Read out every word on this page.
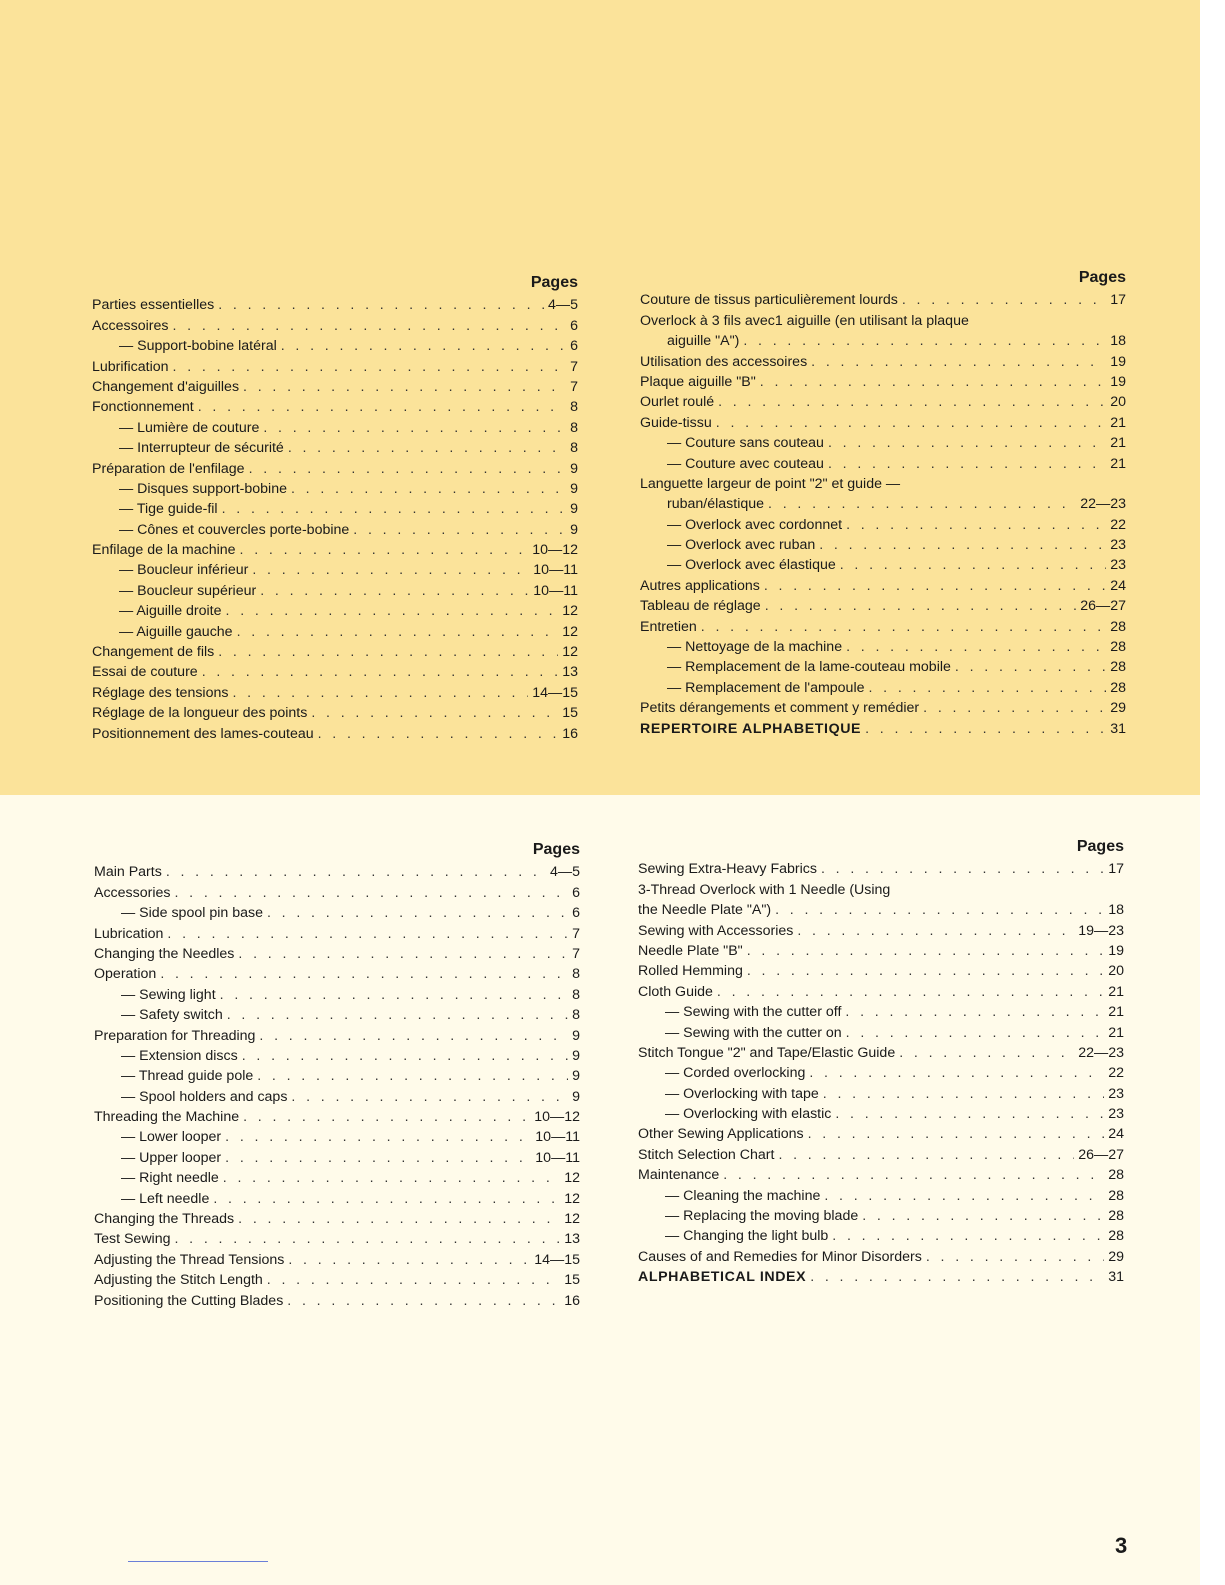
Pages
Parties essentielles . . .	4—5
Accessoires . . .	6
— Support-bobine latéral . . .	6
Lubrification . . .	7
Changement d'aiguilles . . .	7
Fonctionnement . . .	8
— Lumière de couture . . .	8
— Interrupteur de sécurité . . .	8
Préparation de l'enfilage . . .	9
— Disques support-bobine . . .	9
— Tige guide-fil . . .	9
— Cônes et couvercles porte-bobine . . .	9
Enfilage de la machine . . .	10—12
— Boucleur inférieur . . .	10—11
— Boucleur supérieur . . .	10—11
— Aiguille droite . . .	12
— Aiguille gauche . . .	12
Changement de fils . . .	12
Essai de couture . . .	13
Réglage des tensions . . .	14—15
Réglage de la longueur des points . . .	15
Positionnement des lames-couteau . . .	16
Pages
Couture de tissus particulièrement lourds . . .	17
Overlock à 3 fils avec1 aiguille (en utilisant la plaque
aiguille "A") . . .	18
Utilisation des accessoires . . .	19
Plaque aiguille "B" . . .	19
Ourlet roulé . . .	20
Guide-tissu . . .	21
— Couture sans couteau . . .	21
— Couture avec couteau . . .	21
Languette largeur de point "2" et guide —
ruban/élastique . . .	22—23
— Overlock avec cordonnet . . .	22
— Overlock avec ruban . . .	23
— Overlock avec élastique . . .	23
Autres applications . . .	24
Tableau de réglage . . .	26—27
Entretien . . .	28
— Nettoyage de la machine . . .	28
— Remplacement de la lame-couteau mobile . . .	28
— Remplacement de l'ampoule . . .	28
Petits dérangements et comment y remédier . . .	29
REPERTOIRE ALPHABETIQUE . . .	31
Pages
Main Parts . . .	4—5
Accessories . . .	6
— Side spool pin base . . .	6
Lubrication . . .	7
Changing the Needles . . .	7
Operation . . .	8
— Sewing light . . .	8
— Safety switch . . .	8
Preparation for Threading . . .	9
— Extension discs . . .	9
— Thread guide pole . . .	9
— Spool holders and caps . . .	9
Threading the Machine . . .	10—12
— Lower looper . . .	10—11
— Upper looper . . .	10—11
— Right needle . . .	12
— Left needle . . .	12
Changing the Threads . . .	12
Test Sewing . . .	13
Adjusting the Thread Tensions . . .	14—15
Adjusting the Stitch Length . . .	15
Positioning the Cutting Blades . . .	16
Pages
Sewing Extra-Heavy Fabrics . . .	17
3-Thread Overlock with 1 Needle (Using
the Needle Plate "A") . . .	18
Sewing with Accessories . . .	19—23
Needle Plate "B" . . .	19
Rolled Hemming . . .	20
Cloth Guide . . .	21
— Sewing with the cutter off . . .	21
— Sewing with the cutter on . . .	21
Stitch Tongue "2" and Tape/Elastic Guide . . .	22—23
— Corded overlocking . . .	22
— Overlocking with tape . . .	23
— Overlocking with elastic . . .	23
Other Sewing Applications . . .	24
Stitch Selection Chart . . .	26—27
Maintenance . . .	28
— Cleaning the machine . . .	28
— Replacing the moving blade . . .	28
— Changing the light bulb . . .	28
Causes of and Remedies for Minor Disorders . . .	29
ALPHABETICAL INDEX . . .	31
3
